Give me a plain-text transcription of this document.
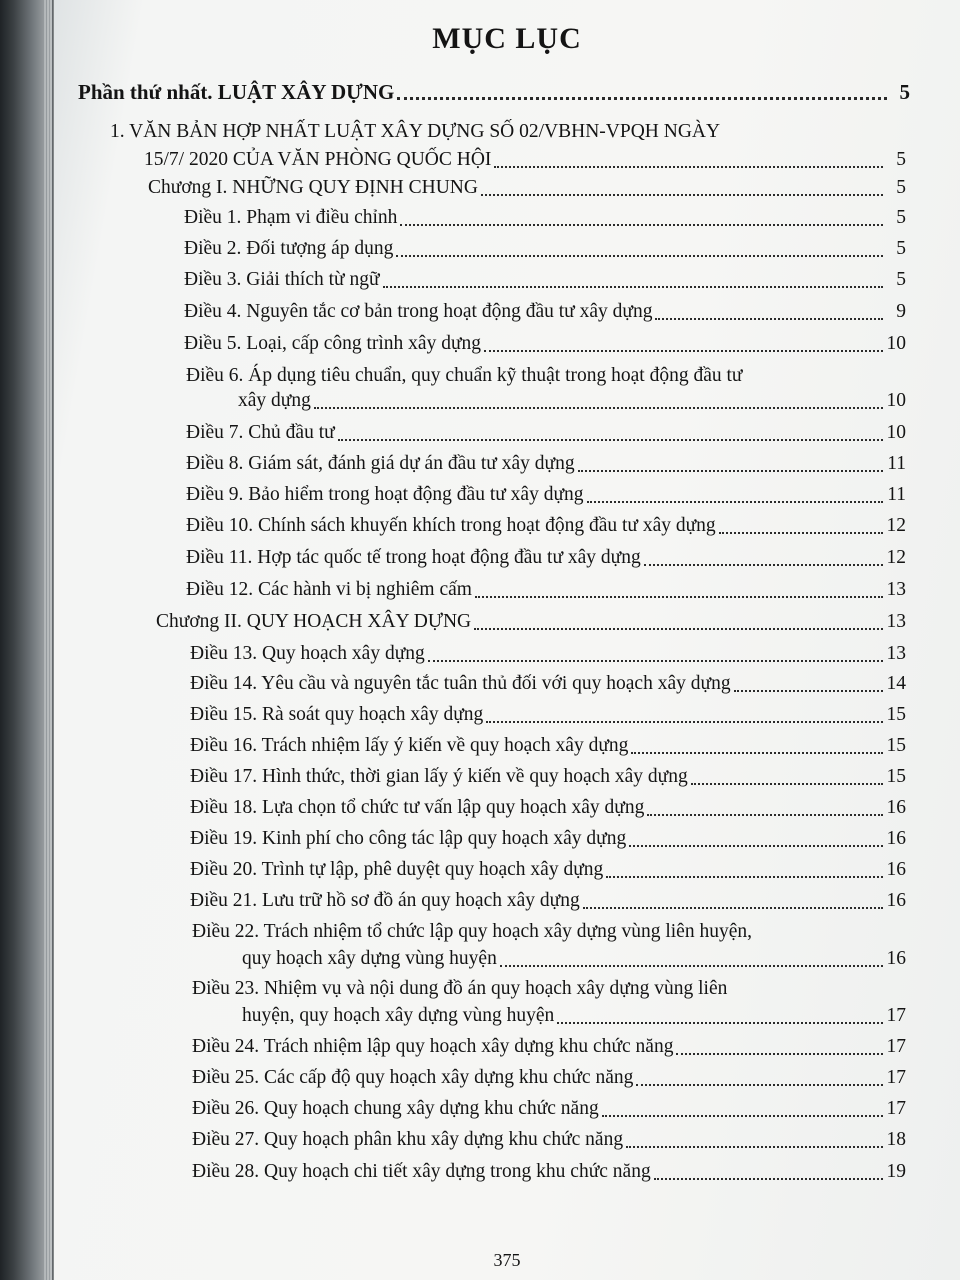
MỤC LỤC
Phần thứ nhất. LUẬT XÂY DỰNG	5
1. VĂN BẢN HỢP NHẤT LUẬT XÂY DỰNG SỐ 02/VBHN-VPQH NGÀY
15/7/ 2020 CỦA VĂN PHÒNG QUỐC HỘI	5
Chương I. NHỮNG QUY ĐỊNH CHUNG	5
Điều 1. Phạm vi điều chỉnh	5
Điều 2. Đối tượng áp dụng	5
Điều 3. Giải thích từ ngữ	5
Điều 4. Nguyên tắc cơ bản trong hoạt động đầu tư xây dựng	9
Điều 5. Loại, cấp công trình xây dựng	10
Điều 6. Áp dụng tiêu chuẩn, quy chuẩn kỹ thuật trong hoạt động đầu tư
xây dựng	10
Điều 7. Chủ đầu tư	10
Điều 8. Giám sát, đánh giá dự án đầu tư xây dựng	11
Điều 9. Bảo hiểm trong hoạt động đầu tư xây dựng	11
Điều 10. Chính sách khuyến khích trong hoạt động đầu tư xây dựng	12
Điều 11. Hợp tác quốc tế trong hoạt động đầu tư xây dựng	12
Điều 12. Các hành vi bị nghiêm cấm	13
Chương II. QUY HOẠCH XÂY DỰNG	13
Điều 13. Quy hoạch xây dựng	13
Điều 14. Yêu cầu và nguyên tắc tuân thủ đối với quy hoạch xây dựng	14
Điều 15. Rà soát quy hoạch xây dựng	15
Điều 16. Trách nhiệm lấy ý kiến về quy hoạch xây dựng	15
Điều 17. Hình thức, thời gian lấy ý kiến về quy hoạch xây dựng	15
Điều 18. Lựa chọn tổ chức tư vấn lập quy hoạch xây dựng	16
Điều 19. Kinh phí cho công tác lập quy hoạch xây dựng	16
Điều 20. Trình tự lập, phê duyệt quy hoạch xây dựng	16
Điều 21. Lưu trữ hồ sơ đồ án quy hoạch xây dựng	16
Điều 22. Trách nhiệm tổ chức lập quy hoạch xây dựng vùng liên huyện,
quy hoạch xây dựng vùng huyện	16
Điều 23. Nhiệm vụ và nội dung đồ án quy hoạch xây dựng vùng liên
huyện, quy hoạch xây dựng vùng huyện	17
Điều 24. Trách nhiệm lập quy hoạch xây dựng khu chức năng	17
Điều 25. Các cấp độ quy hoạch xây dựng khu chức năng	17
Điều 26. Quy hoạch chung xây dựng khu chức năng	17
Điều 27. Quy hoạch phân khu xây dựng khu chức năng	18
Điều 28. Quy hoạch chi tiết xây dựng trong khu chức năng	19
375
